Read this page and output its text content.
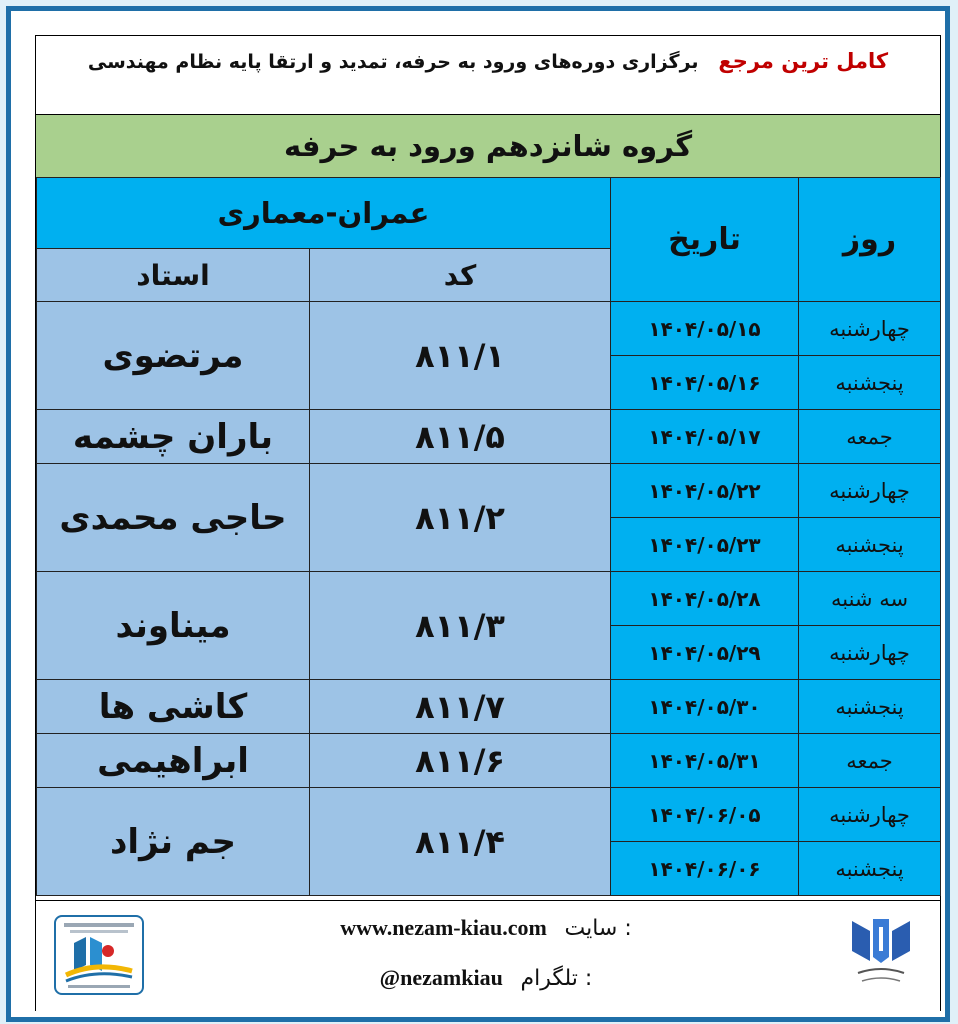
کامل ترین مرجع   برگزاری دوره‌های ورود به حرفه، تمدید و ارتقا پایه نظام مهندسی
گروه شانزدهم ورود به حرفه
عمران-معماری		تاریخ	روز
استاد	کد		
مرتضوی	۸۱۱/۱	۱۴۰۴/۰۵/۱۵	چهارشنبه
		۱۴۰۴/۰۵/۱۶	پنجشنبه
باران چشمه	۸۱۱/۵	۱۴۰۴/۰۵/۱۷	جمعه
حاجی محمدی	۸۱۱/۲	۱۴۰۴/۰۵/۲۲	چهارشنبه
		۱۴۰۴/۰۵/۲۳	پنجشنبه
میناوند	۸۱۱/۳	۱۴۰۴/۰۵/۲۸	سه شنبه
		۱۴۰۴/۰۵/۲۹	چهارشنبه
کاشی ها	۸۱۱/۷	۱۴۰۴/۰۵/۳۰	پنجشنبه
ابراهیمی	۸۱۱/۶	۱۴۰۴/۰۵/۳۱	جمعه
جم نژاد	۸۱۱/۴	۱۴۰۴/۰۶/۰۵	چهارشنبه
		۱۴۰۴/۰۶/۰۶	پنجشنبه
www.nezam-kiau.com سایت :
@nezamkiau تلگرام :
